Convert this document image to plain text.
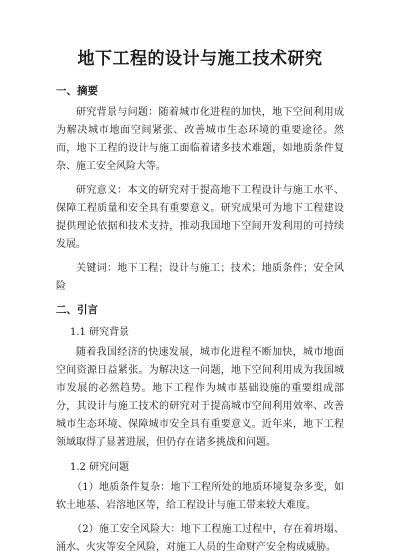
地下工程的设计与施工技术研究
一、摘要

研究背景与问题：随着城市化进程的加快，地下空间利用成为解决城市地面空间紧张、改善城市生态环境的重要途径。然而，地下工程的设计与施工面临着诸多技术难题，如地质条件复杂、施工安全风险大等。

研究意义：本文的研究对于提高地下工程设计与施工水平、保障工程质量和安全具有重要意义。研究成果可为地下工程建设提供理论依据和技术支持，推动我国地下空间开发利用的可持续发展。

关键词：地下工程；设计与施工；技术；地质条件；安全风险

二、引言
1.1 研究背景

随着我国经济的快速发展，城市化进程不断加快，城市地面空间资源日益紧张。为解决这一问题，地下空间利用成为我国城市发展的必然趋势。地下工程作为城市基础设施的重要组成部分，其设计与施工技术的研究对于提高城市空间利用效率、改善城市生态环境、保障城市安全具有重要意义。近年来，地下工程领域取得了显著进展，但仍存在诸多挑战和问题。

1.2 研究问题

（1）地质条件复杂：地下工程所处的地质环境复杂多变，如软土地基、岩溶地区等，给工程设计与施工带来较大难度。

（2）施工安全风险大：地下工程施工过程中，存在着坍塌、涌水、火灾等安全风险，对施工人员的生命财产安全构成威胁。
